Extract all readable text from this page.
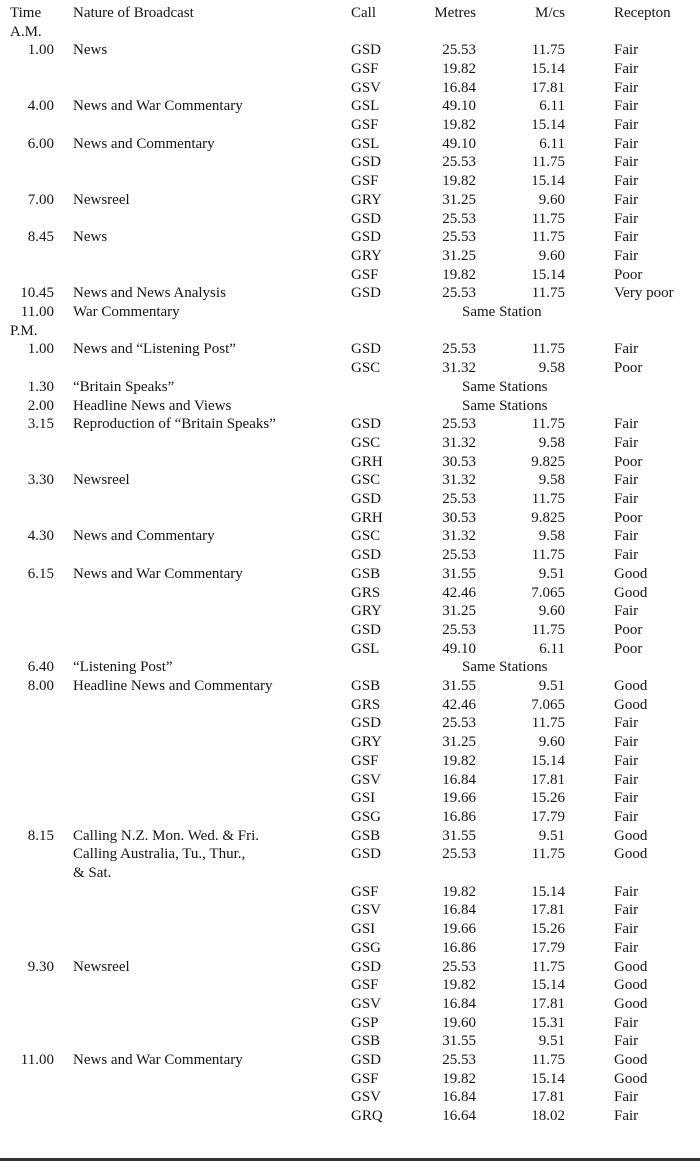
Time Nature of Broadcast	Call	Metres	M/cs	Recepton
A.M.
1.00 News	GSD	25.53	11.75	Fair
GSF	19.82	15.14	Fair
GSV	16.84	17.81	Fair
4.00 News and War Commentary	GSL	49.10	6.11	Fair
GSF	19.82	15.14	Fair
6.00 News and Commentary	GSL	49.10	6.11	Fair
GSD	25.53	11.75	Fair
GSF	19.82	15.14	Fair
7.00 Newsreel	GRY	31.25	9.60	Fair
GSD	25.53	11.75	Fair
8.45 News	GSD	25.53	11.75	Fair
GRY	31.25	9.60	Fair
GSF	19.82	15.14	Poor
10.45 News and News Analysis	GSD	25.53	11.75	Very poor
11.00 War Commentary	Same Station
P.M.
1.00 News and “Listening Post”	GSD	25.53	11.75	Fair
GSC	31.32	9.58	Poor
1.30 “Britain Speaks”	Same Stations
2.00 Headline News and Views	Same Stations
3.15 Reproduction of “Britain Speaks”	GSD	25.53	11.75	Fair
GSC	31.32	9.58	Fair
GRH	30.53	9.825	Poor
3.30 Newsreel	GSC	31.32	9.58	Fair
GSD	25.53	11.75	Fair
GRH	30.53	9.825	Poor
4.30 News and Commentary	GSC	31.32	9.58	Fair
GSD	25.53	11.75	Fair
6.15 News and War Commentary	GSB	31.55	9.51	Good
GRS	42.46	7.065	Good
GRY	31.25	9.60	Fair
GSD	25.53	11.75	Poor
GSL	49.10	6.11	Poor
6.40 “Listening Post”	Same Stations
8.00 Headline News and Commentary	GSB	31.55	9.51	Good
GRS	42.46	7.065	Good
GSD	25.53	11.75	Fair
GRY	31.25	9.60	Fair
GSF	19.82	15.14	Fair
GSV	16.84	17.81	Fair
GSI	19.66	15.26	Fair
GSG	16.86	17.79	Fair
8.15 Calling N.Z. Mon. Wed. & Fri.	GSB	31.55	9.51	Good
Calling Australia, Tu., Thur.,	GSD	25.53	11.75	Good
& Sat.
GSF	19.82	15.14	Fair
GSV	16.84	17.81	Fair
GSI	19.66	15.26	Fair
GSG	16.86	17.79	Fair
9.30 Newsreel	GSD	25.53	11.75	Good
GSF	19.82	15.14	Good
GSV	16.84	17.81	Good
GSP	19.60	15.31	Fair
GSB	31.55	9.51	Fair
11.00 News and War Commentary	GSD	25.53	11.75	Good
GSF	19.82	15.14	Good
GSV	16.84	17.81	Fair
GRQ	16.64	18.02	Fair
